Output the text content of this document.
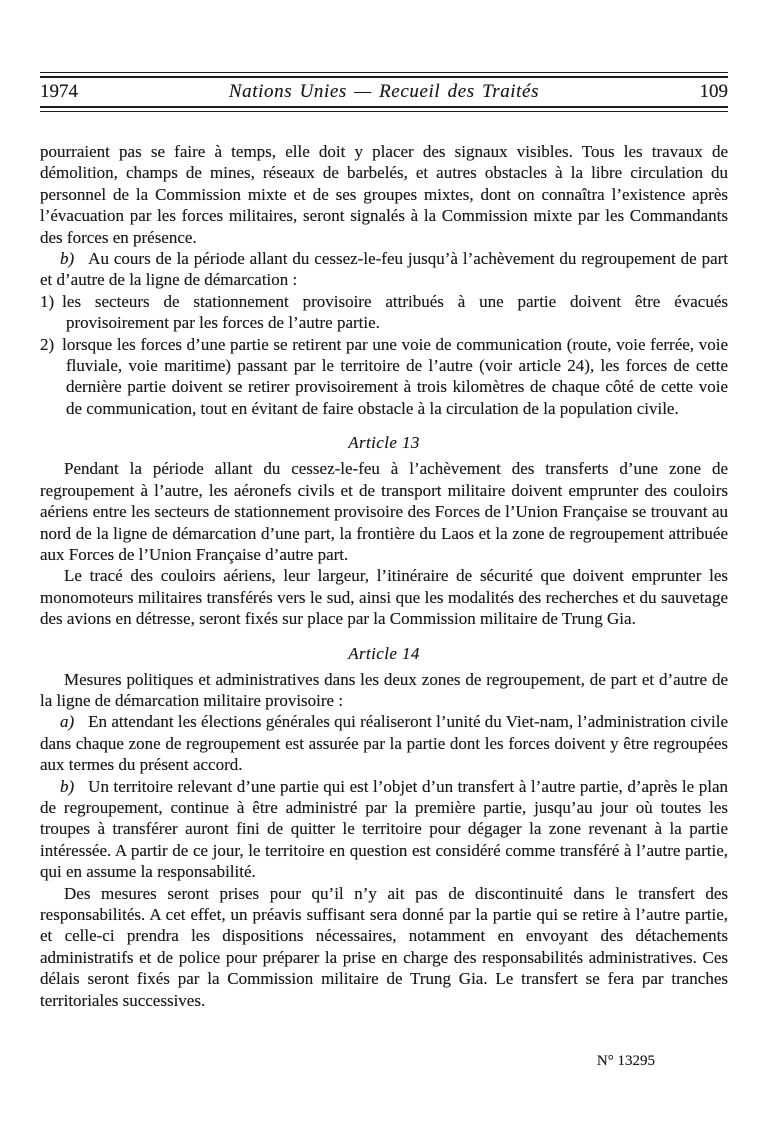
1974	Nations Unies — Recueil des Traités	109

pourraient pas se faire à temps, elle doit y placer des signaux visibles. Tous les travaux de démolition, champs de mines, réseaux de barbelés, et autres obstacles à la libre circulation du personnel de la Commission mixte et de ses groupes mixtes, dont on connaîtra l’existence après l’évacuation par les forces militaires, seront signalés à la Commission mixte par les Commandants des forces en présence.

b) Au cours de la période allant du cessez-le-feu jusqu’à l’achèvement du regroupement de part et d’autre de la ligne de démarcation :

1) les secteurs de stationnement provisoire attribués à une partie doivent être évacués provisoirement par les forces de l’autre partie.

2) lorsque les forces d’une partie se retirent par une voie de communication (route, voie ferrée, voie fluviale, voie maritime) passant par le territoire de l’autre (voir article 24), les forces de cette dernière partie doivent se retirer provisoirement à trois kilomètres de chaque côté de cette voie de communication, tout en évitant de faire obstacle à la circulation de la population civile.

Article 13

Pendant la période allant du cessez-le-feu à l’achèvement des transferts d’une zone de regroupement à l’autre, les aéronefs civils et de transport militaire doivent emprunter des couloirs aériens entre les secteurs de stationnement provisoire des Forces de l’Union Française se trouvant au nord de la ligne de démarcation d’une part, la frontière du Laos et la zone de regroupement attribuée aux Forces de l’Union Française d’autre part.

Le tracé des couloirs aériens, leur largeur, l’itinéraire de sécurité que doivent emprunter les monomoteurs militaires transférés vers le sud, ainsi que les modalités des recherches et du sauvetage des avions en détresse, seront fixés sur place par la Commission militaire de Trung Gia.

Article 14

Mesures politiques et administratives dans les deux zones de regroupement, de part et d’autre de la ligne de démarcation militaire provisoire :

a) En attendant les élections générales qui réaliseront l’unité du Viet-nam, l’administration civile dans chaque zone de regroupement est assurée par la partie dont les forces doivent y être regroupées aux termes du présent accord.

b) Un territoire relevant d’une partie qui est l’objet d’un transfert à l’autre partie, d’après le plan de regroupement, continue à être administré par la première partie, jusqu’au jour où toutes les troupes à transférer auront fini de quitter le territoire pour dégager la zone revenant à la partie intéressée. A partir de ce jour, le territoire en question est considéré comme transféré à l’autre partie, qui en assume la responsabilité.

Des mesures seront prises pour qu’il n’y ait pas de discontinuité dans le transfert des responsabilités. A cet effet, un préavis suffisant sera donné par la partie qui se retire à l’autre partie, et celle-ci prendra les dispositions nécessaires, notamment en envoyant des détachements administratifs et de police pour préparer la prise en charge des responsabilités administratives. Ces délais seront fixés par la Commission militaire de Trung Gia. Le transfert se fera par tranches territoriales successives.

N° 13295
